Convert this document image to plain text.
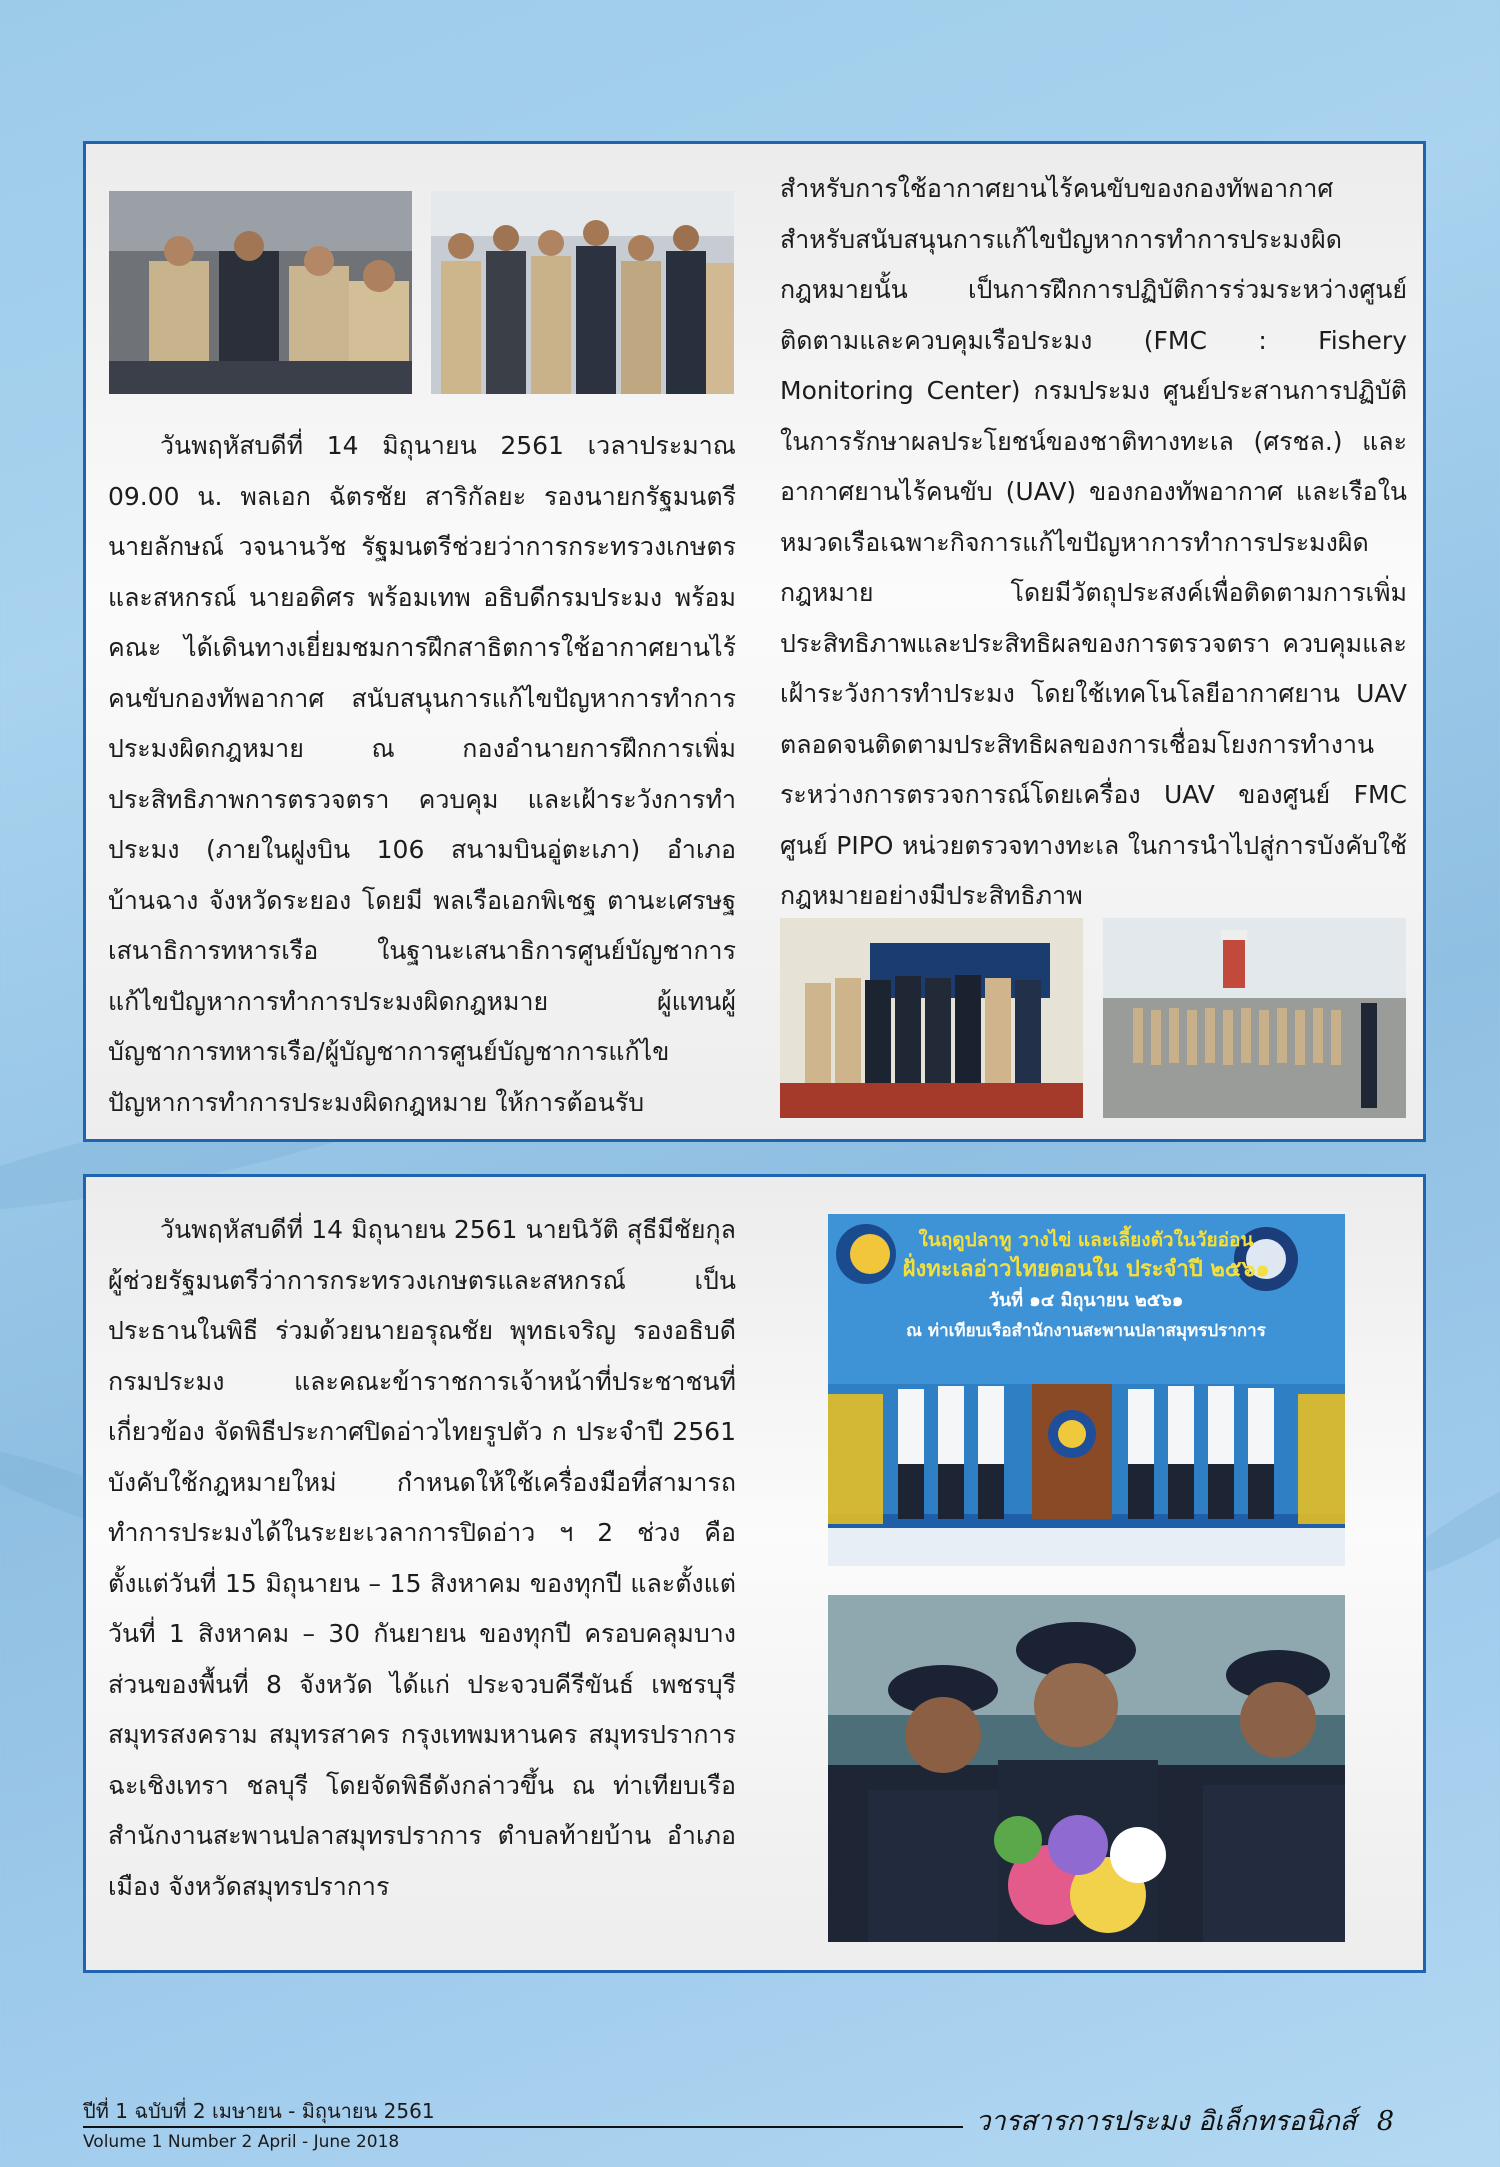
วันพฤหัสบดีที่ 14 มิถุนายน 2561 เวลาประมาณ 09.00 น. พลเอก ฉัตรชัย สาริกัลยะ รองนายกรัฐมนตรี นายลักษณ์ วจนานวัช รัฐมนตรีช่วยว่าการกระทรวงเกษตรและสหกรณ์ นายอดิศร พร้อมเทพ อธิบดีกรมประมง พร้อมคณะ ได้เดินทางเยี่ยมชมการฝึกสาธิตการใช้อากาศยานไร้คนขับกองทัพอากาศ สนับสนุนการแก้ไขปัญหาการทำการประมงผิดกฎหมาย ณ กองอำนายการฝึกการเพิ่มประสิทธิภาพการตรวจตรา ควบคุม และเฝ้าระวังการทำประมง (ภายในฝูงบิน 106 สนามบินอู่ตะเภา) อำเภอบ้านฉาง จังหวัดระยอง โดยมี พลเรือเอกพิเชฐ ตานะเศรษฐ เสนาธิการทหารเรือ ในฐานะเสนาธิการศูนย์บัญชาการแก้ไขปัญหาการทำการประมงผิดกฎหมาย ผู้แทนผู้บัญชาการทหารเรือ/ผู้บัญชาการศูนย์บัญชาการแก้ไขปัญหาการทำการประมงผิดกฎหมาย ให้การต้อนรับ

สำหรับการใช้อากาศยานไร้คนขับของกองทัพอากาศสำหรับสนับสนุนการแก้ไขปัญหาการทำการประมงผิดกฎหมายนั้น เป็นการฝึกการปฏิบัติการร่วมระหว่างศูนย์ติดตามและควบคุมเรือประมง (FMC : Fishery Monitoring Center) กรมประมง ศูนย์ประสานการปฏิบัติในการรักษาผลประโยชน์ของชาติทางทะเล (ศรชล.) และอากาศยานไร้คนขับ (UAV) ของกองทัพอากาศ และเรือในหมวดเรือเฉพาะกิจการแก้ไขปัญหาการทำการประมงผิดกฎหมาย โดยมีวัตถุประสงค์เพื่อติดตามการเพิ่มประสิทธิภาพและประสิทธิผลของการตรวจตรา ควบคุมและเฝ้าระวังการทำประมง โดยใช้เทคโนโลยีอากาศยาน UAV ตลอดจนติดตามประสิทธิผลของการเชื่อมโยงการทำงานระหว่างการตรวจการณ์โดยเครื่อง UAV ของศูนย์ FMC ศูนย์ PIPO หน่วยตรวจทางทะเล ในการนำไปสู่การบังคับใช้กฎหมายอย่างมีประสิทธิภาพ

วันพฤหัสบดีที่ 14 มิถุนายน 2561 นายนิวัติ สุธีมีชัยกุล ผู้ช่วยรัฐมนตรีว่าการกระทรวงเกษตรและสหกรณ์ เป็นประธานในพิธี ร่วมด้วยนายอรุณชัย พุทธเจริญ รองอธิบดีกรมประมง และคณะข้าราชการเจ้าหน้าที่ประชาชนที่เกี่ยวข้อง จัดพิธีประกาศปิดอ่าวไทยรูปตัว ก ประจำปี 2561 บังคับใช้กฎหมายใหม่ กำหนดให้ใช้เครื่องมือที่สามารถทำการประมงได้ในระยะเวลาการปิดอ่าว ฯ 2 ช่วง คือ ตั้งแต่วันที่ 15 มิถุนายน – 15 สิงหาคม ของทุกปี และตั้งแต่วันที่ 1 สิงหาคม – 30 กันยายน ของทุกปี ครอบคลุมบางส่วนของพื้นที่ 8 จังหวัด ได้แก่ ประจวบคีรีขันธ์ เพชรบุรี สมุทรสงคราม สมุทรสาคร กรุงเทพมหานคร สมุทรปราการ ฉะเชิงเทรา ชลบุรี โดยจัดพิธีดังกล่าวขึ้น ณ ท่าเทียบเรือสำนักงานสะพานปลาสมุทรปราการ ตำบลท้ายบ้าน อำเภอเมือง จังหวัดสมุทรปราการ

ในฤดูปลาทู วางไข่ และเลี้ยงตัวในวัยอ่อน
ฝั่งทะเลอ่าวไทยตอนใน ประจำปี ๒๕๖๑
วันที่ ๑๔ มิถุนายน ๒๕๖๑
ณ ท่าเทียบเรือสำนักงานสะพานปลาสมุทรปราการ
ปีที่ 1 ฉบับที่ 2 เมษายน - มิถุนายน 2561
Volume 1 Number 2 April - June 2018
วารสารการประมง อิเล็กทรอนิกส์ 8
